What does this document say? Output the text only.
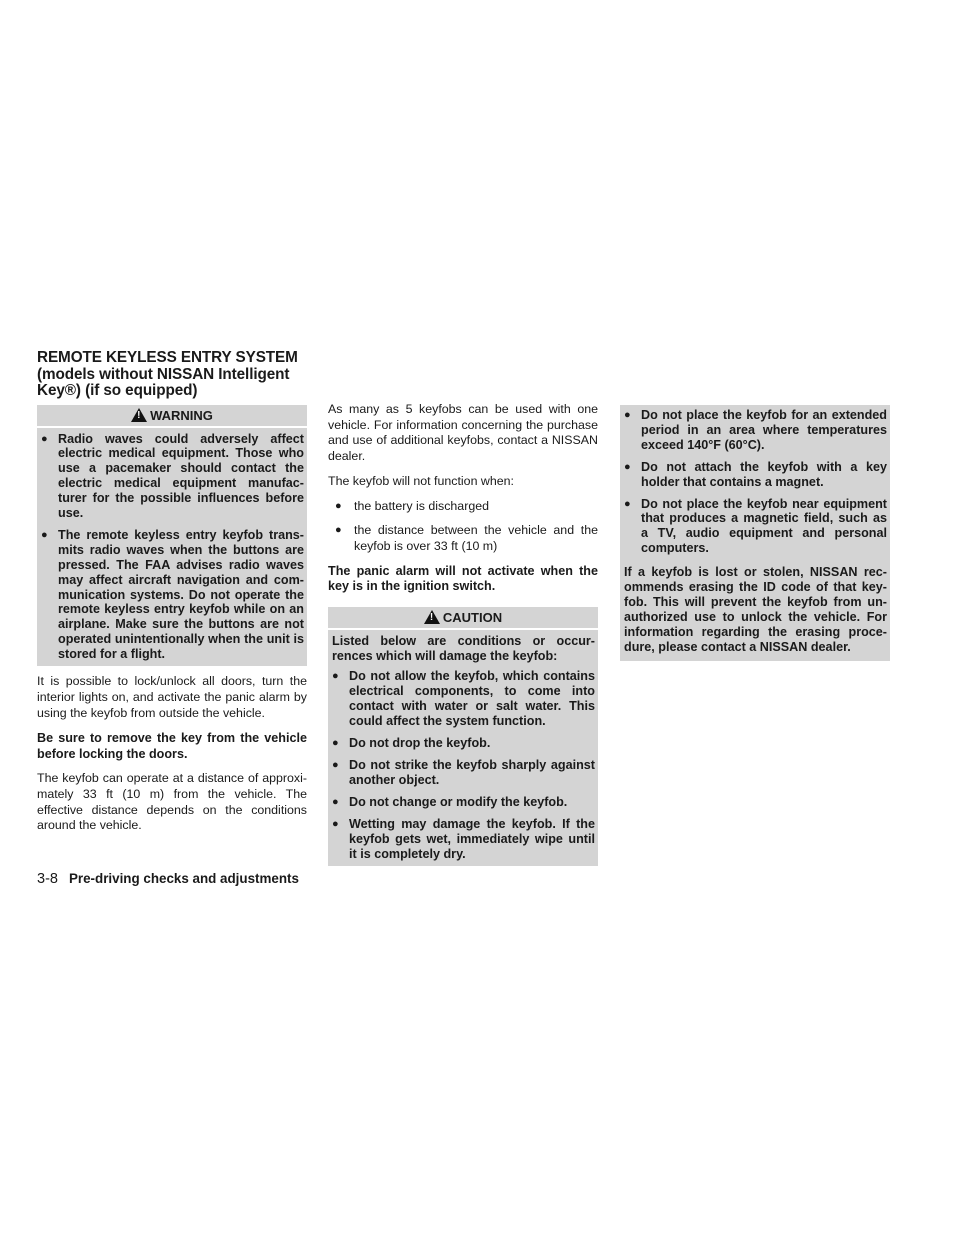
REMOTE KEYLESS ENTRY SYSTEM
(models without NISSAN Intelligent
Key®) (if so equipped)
!
WARNING
● Radio waves could adversely affect electric medical equipment. Those who use a pacemaker should contact the electric medical equipment manufac-turer for the possible influences before use.
● The remote keyless entry keyfob trans-mits radio waves when the buttons are pressed. The FAA advises radio waves may affect aircraft navigation and com-munication systems. Do not operate the remote keyless entry keyfob while on an airplane. Make sure the buttons are not operated unintentionally when the unit is stored for a flight.

It is possible to lock/unlock all doors, turn the interior lights on, and activate the panic alarm by using the keyfob from outside the vehicle.

Be sure to remove the key from the vehicle before locking the doors.

The keyfob can operate at a distance of approxi-mately 33 ft (10 m) from the vehicle. The effective distance depends on the conditions around the vehicle.

As many as 5 keyfobs can be used with one vehicle. For information concerning the purchase and use of additional keyfobs, contact a NISSAN dealer.

The keyfob will not function when:

● the battery is discharged
● the distance between the vehicle and the keyfob is over 33 ft (10 m)

The panic alarm will not activate when the key is in the ignition switch.

!
CAUTION
Listed below are conditions or occur-rences which will damage the keyfob:
● Do not allow the keyfob, which contains electrical components, to come into contact with water or salt water. This could affect the system function.
● Do not drop the keyfob.
● Do not strike the keyfob sharply against another object.
● Do not change or modify the keyfob.
● Wetting may damage the keyfob. If the keyfob gets wet, immediately wipe until it is completely dry.
● Do not place the keyfob for an extended period in an area where temperatures exceed 140°F (60°C).
● Do not attach the keyfob with a key holder that contains a magnet.
● Do not place the keyfob near equipment that produces a magnetic field, such as a TV, audio equipment and personal computers.
If a keyfob is lost or stolen, NISSAN rec-ommends erasing the ID code of that key-fob. This will prevent the keyfob from un-authorized use to unlock the vehicle. For information regarding the erasing proce-dure, please contact a NISSAN dealer.
3-8 Pre-driving checks and adjustments
